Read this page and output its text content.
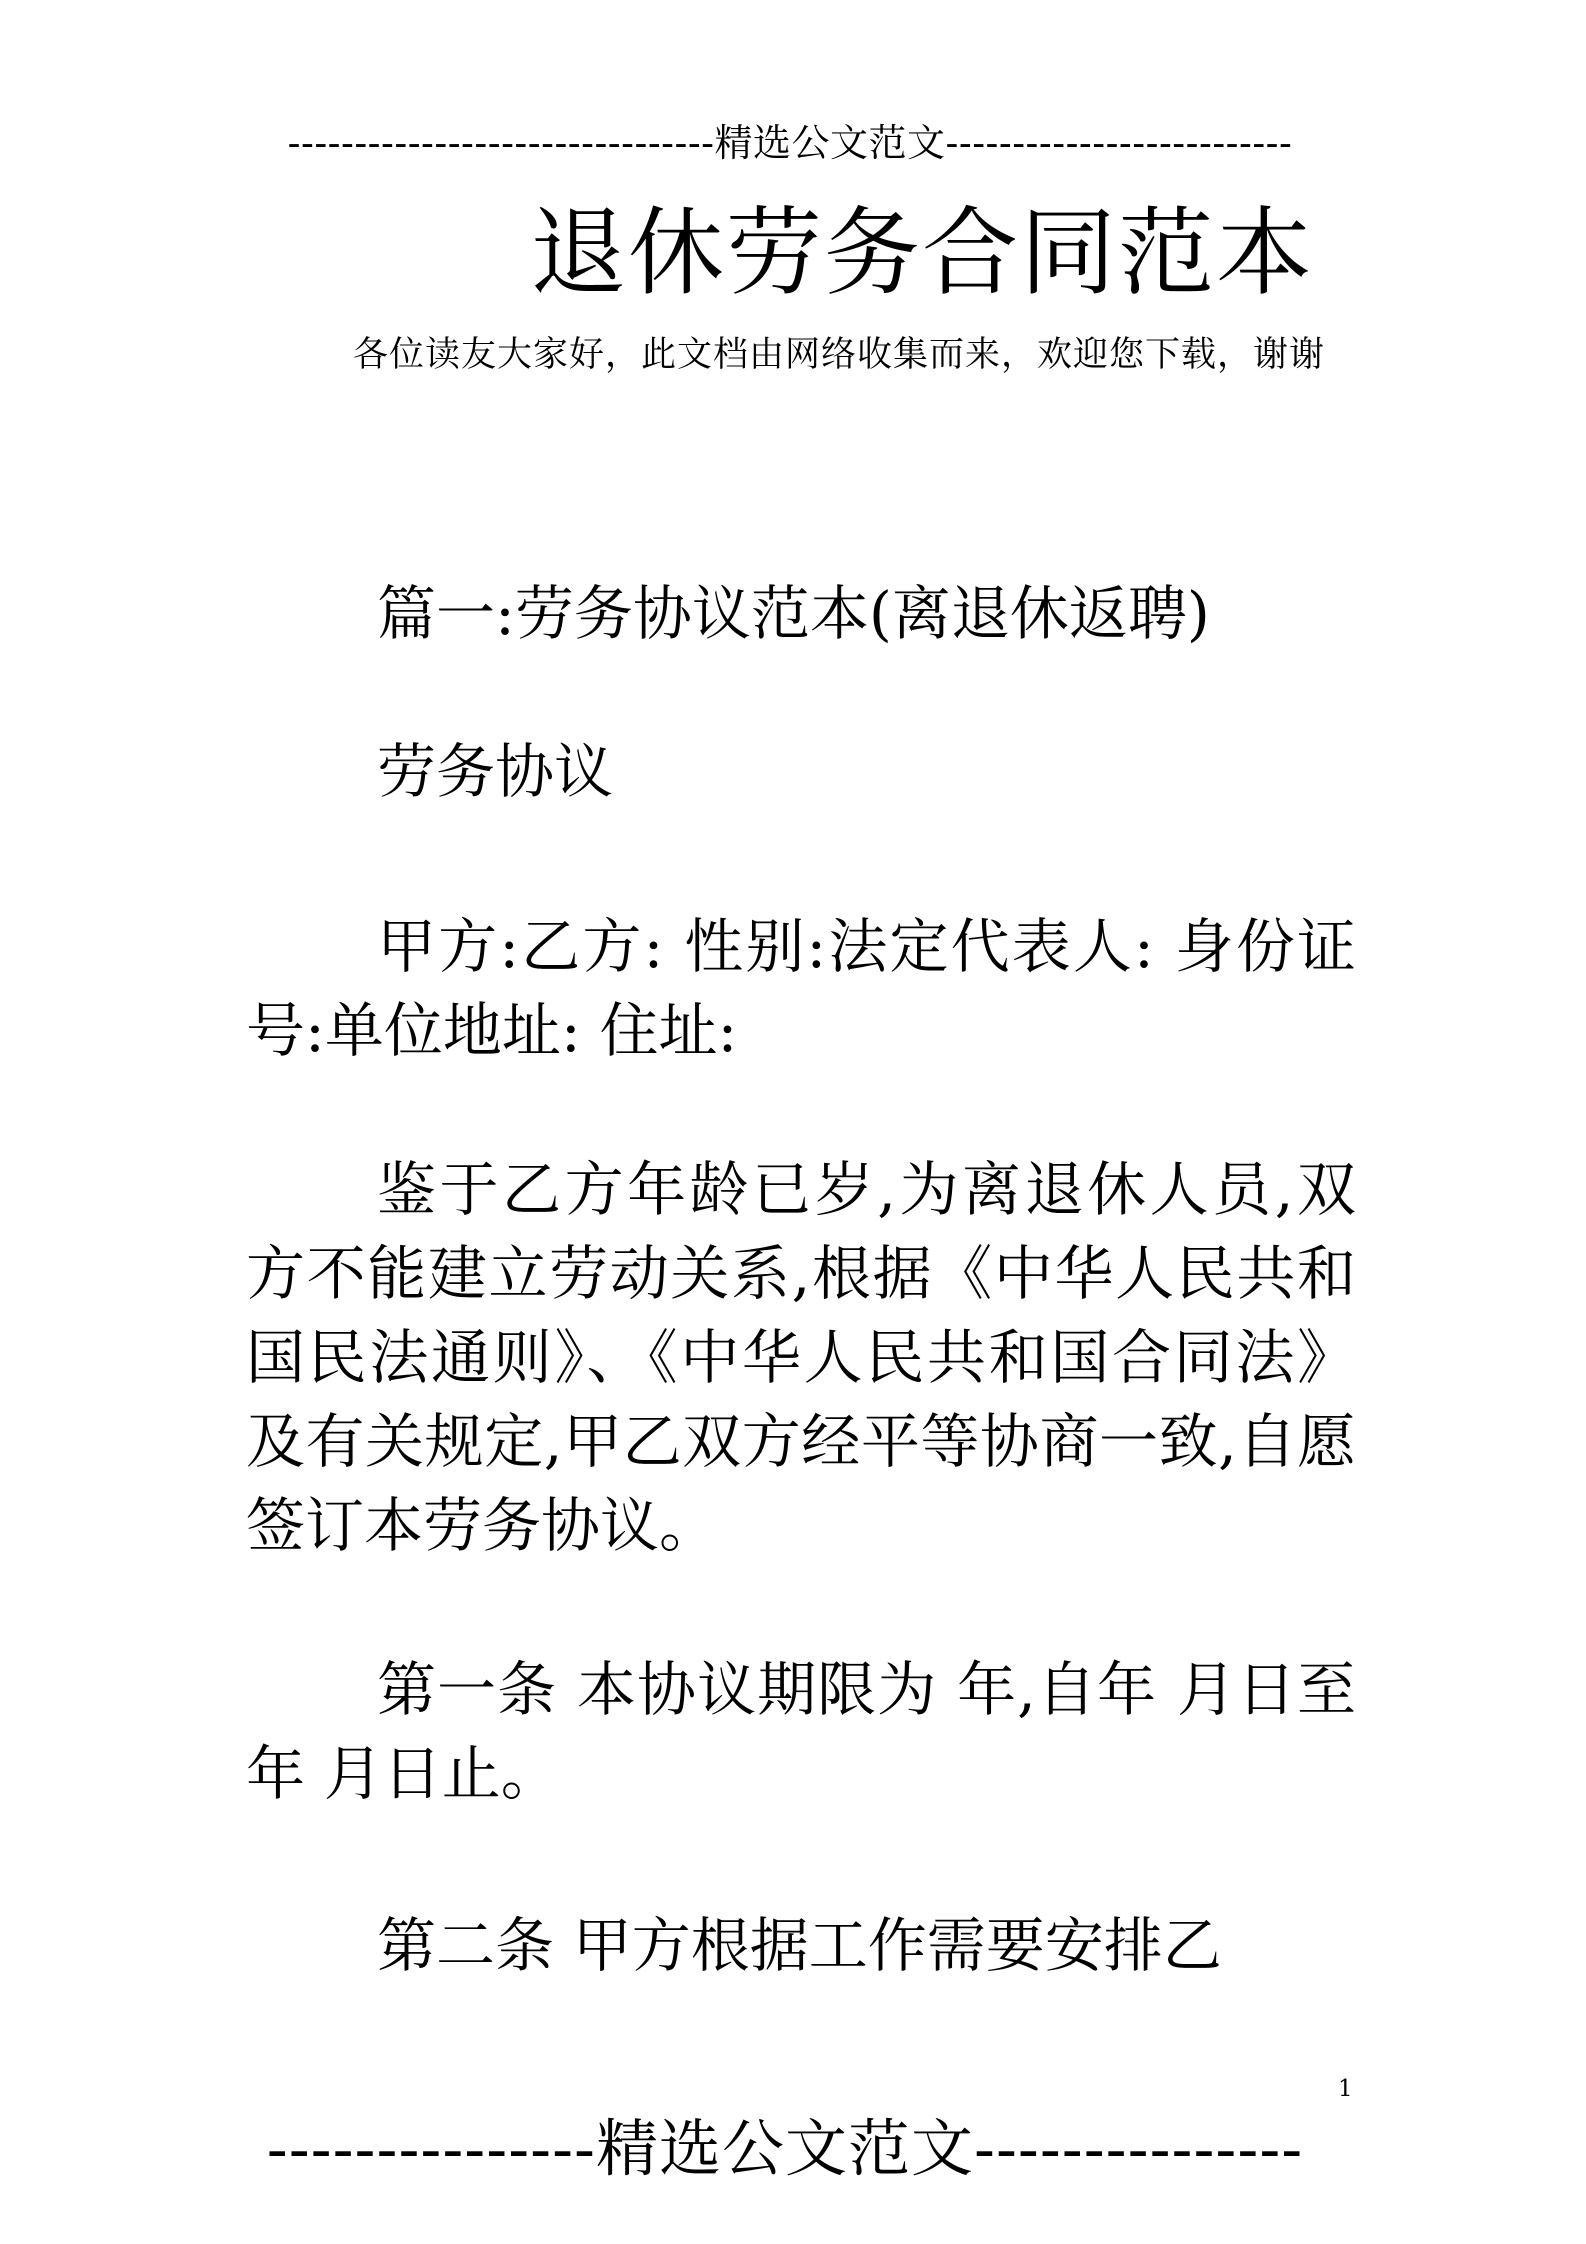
--------------------------------精选公文范文--------------------------
退休劳务合同范本
各位读友大家好，此文档由网络收集而来，欢迎您下载，谢谢

篇一:劳务协议范本(离退休返聘)

劳务协议

甲方:乙方: 性别:法定代表人: 身份证号:单位地址: 住址:

鉴于乙方年龄已岁,为离退休人员,双方不能建立劳动关系,根据《中华人民共和国民法通则》、《中华人民共和国合同法》及有关规定,甲乙双方经平等协商一致,自愿签订本劳务协议。

第一条 本协议期限为 年,自年 月日至 年 月日止。

第二条 甲方根据工作需要安排乙

1
---------------精选公文范文---------------
